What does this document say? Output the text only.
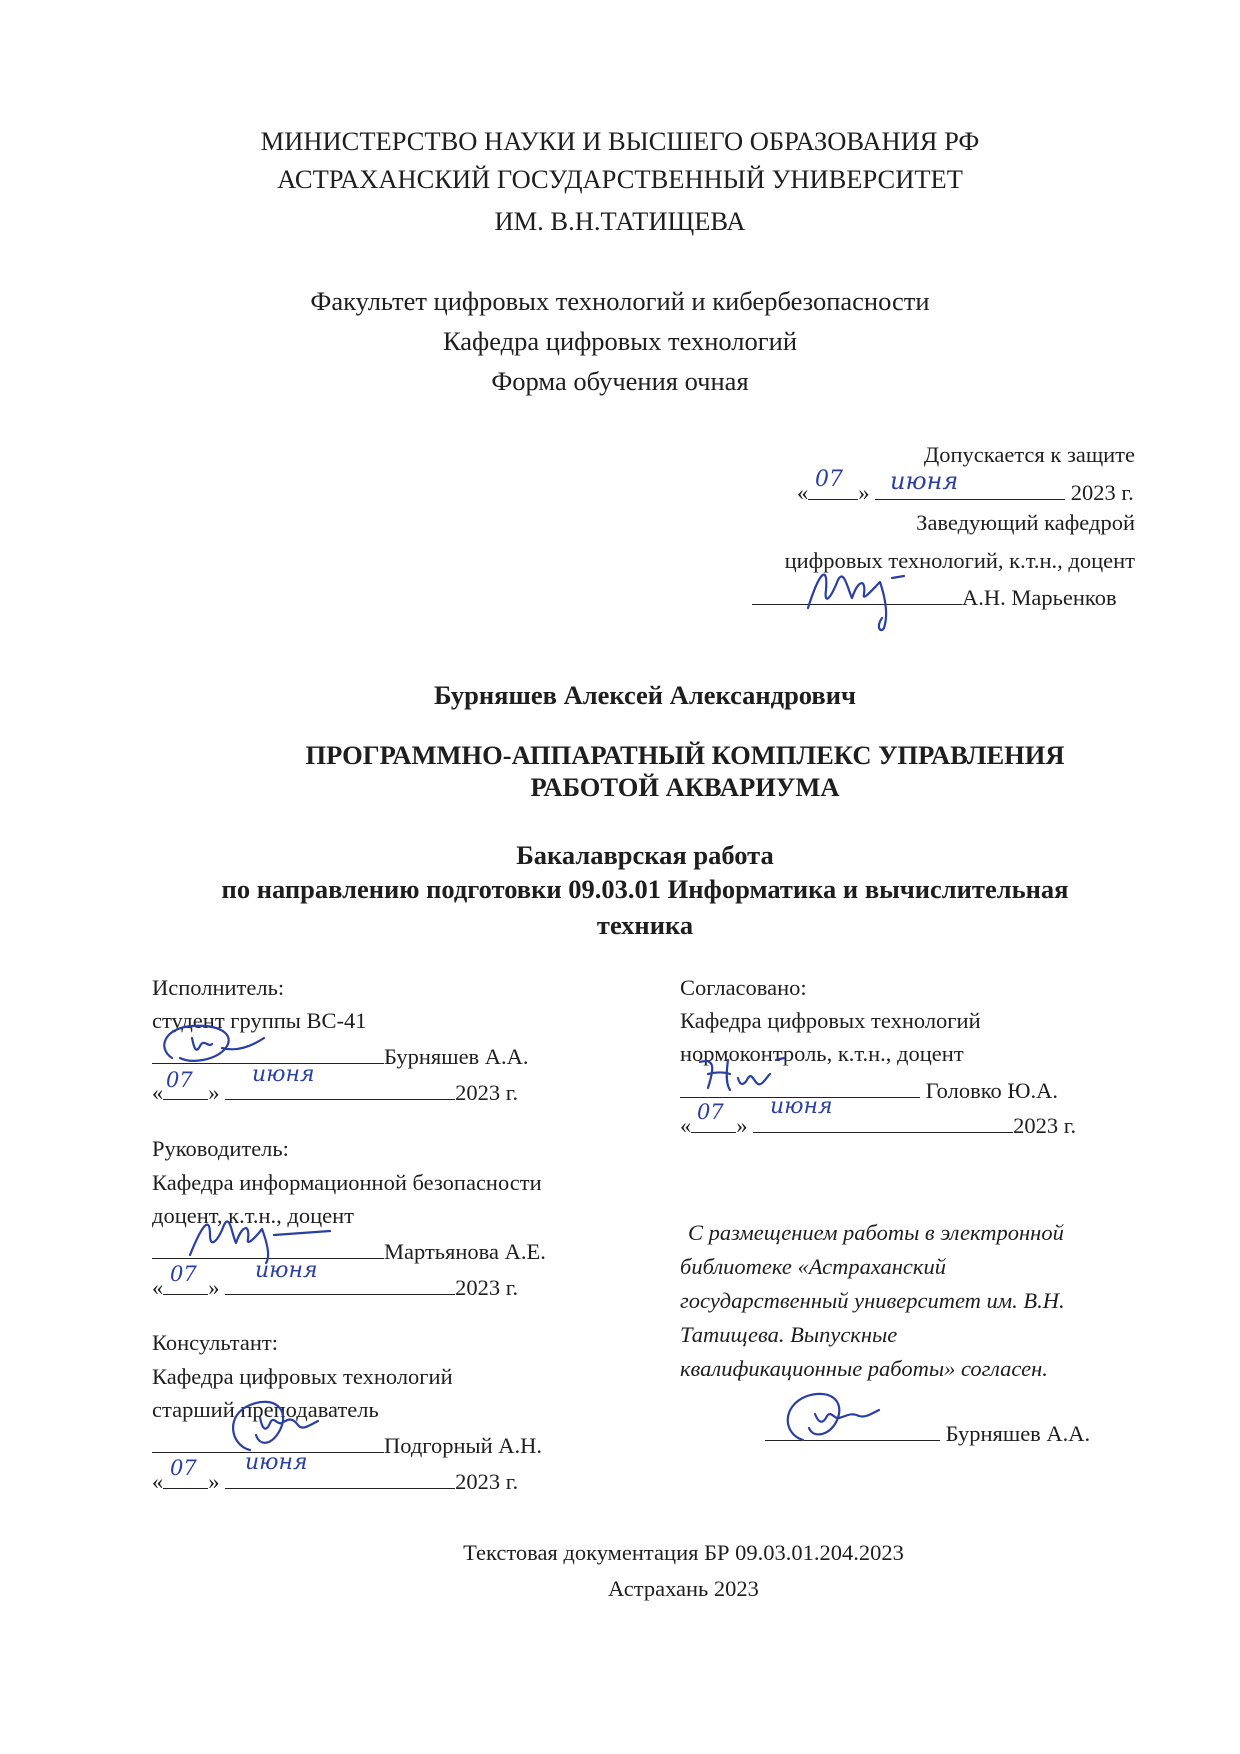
МИНИСТЕРСТВО НАУКИ И ВЫСШЕГО ОБРАЗОВАНИЯ РФ
АСТРАХАНСКИЙ ГОСУДАРСТВЕННЫЙ УНИВЕРСИТЕТ
ИМ. В.Н.ТАТИЩЕВА
Факультет цифровых технологий и кибербезопасности
Кафедра цифровых технологий
Форма обучения очная
Допускается к защите
« »	2023 г.
07 июня
Заведующий кафедрой
цифровых технологий, к.т.н., доцент
А.Н. Марьенков
Бурняшев Алексей Александрович
ПРОГРАММНО-АППАРАТНЫЙ КОМПЛЕКС УПРАВЛЕНИЯ
РАБОТОЙ АКВАРИУМА
Бакалаврская работа
по направлению подготовки 09.03.01 Информатика и вычислительная
техника
Исполнитель:
студент группы ВС-41
Бурняшев А.А.
« »	2023 г.
07	июня
Руководитель:
Кафедра информационной безопасности
доцент, к.т.н., доцент
Мартьянова А.Е.
« »	2023 г.
07	июня
Консультант:
Кафедра цифровых технологий
старший преподаватель
Подгорный А.Н.
« »	2023 г.
07 июня
Согласовано:
Кафедра цифровых технологий
нормоконтроль, к.т.н., доцент
Головко Ю.А.
« »	2023 г.
07 июня
С размещением работы в электронной
библиотеке «Астраханский
государственный университет им. В.Н.
Татищева. Выпускные
квалификационные работы» согласен.
Бурняшев А.А.
Текстовая документация БР 09.03.01.204.2023
Астрахань 2023
